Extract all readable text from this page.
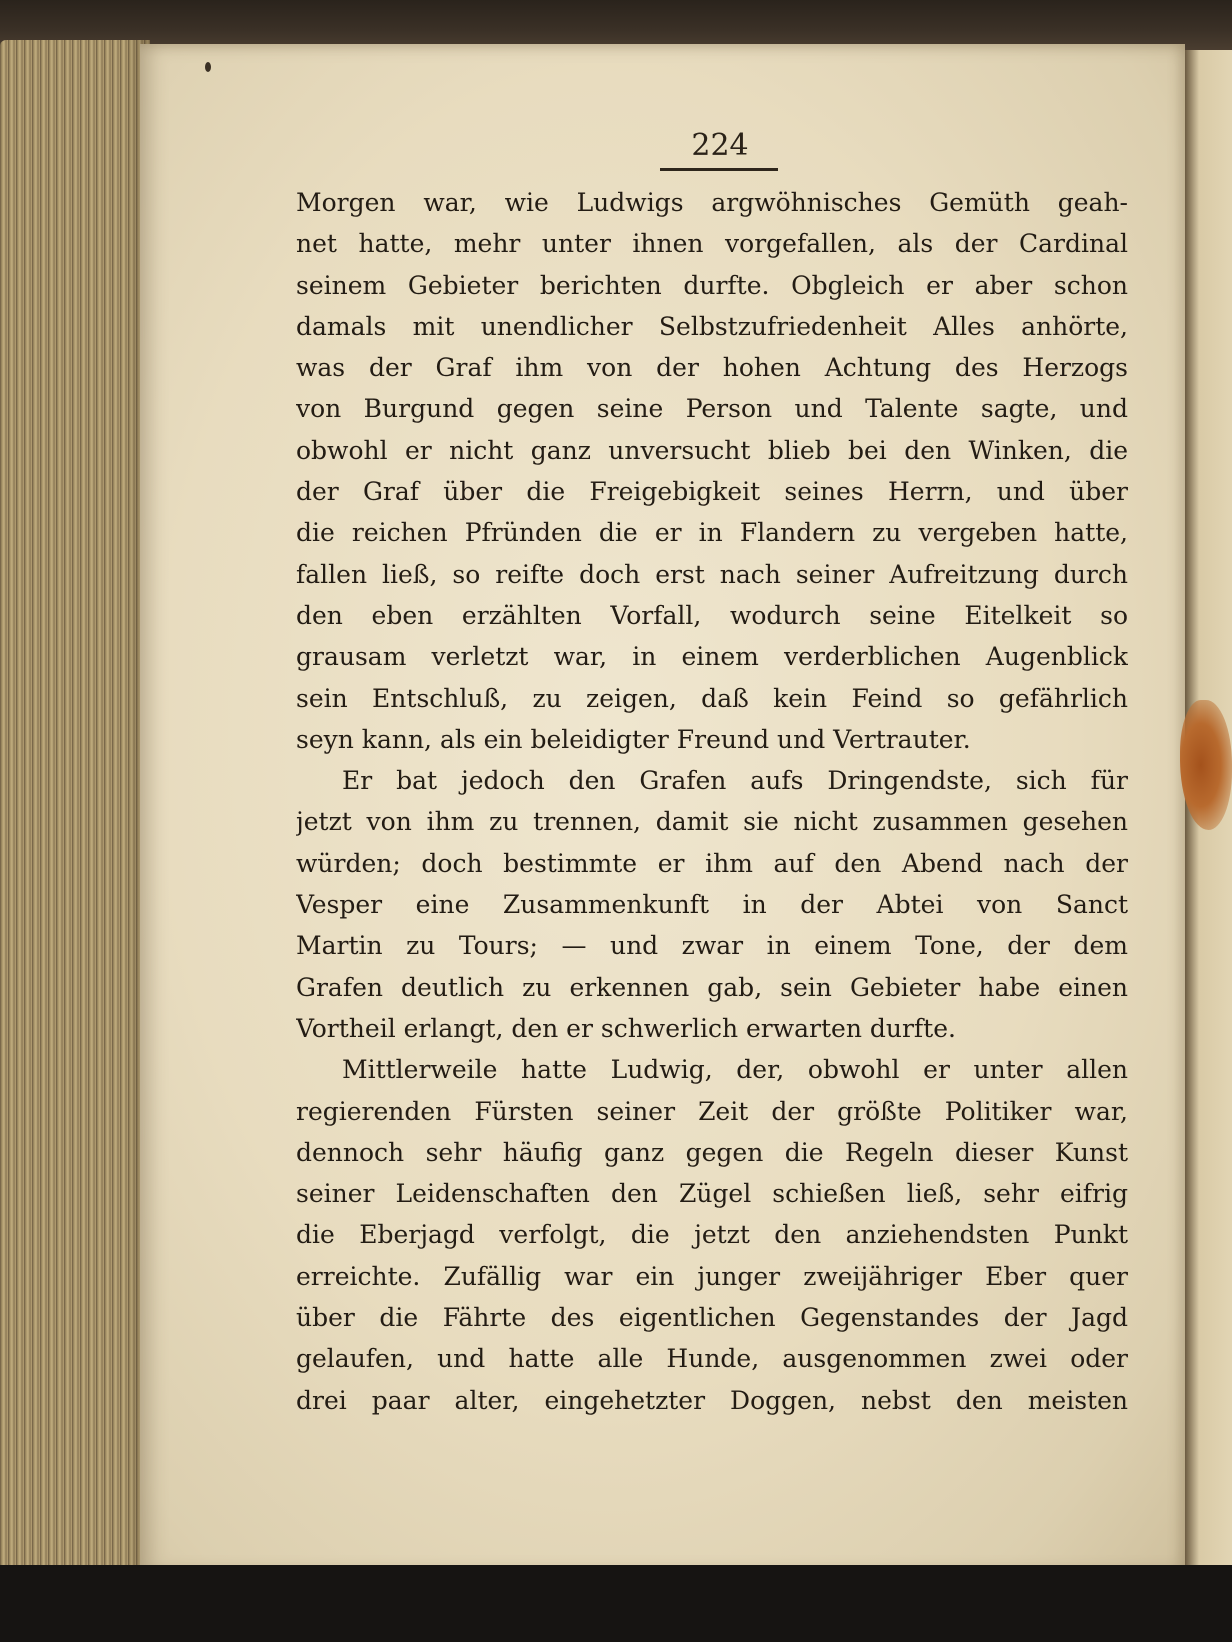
224
Morgen war, wie Ludwigs argwöhnisches Gemüth geah-
net hatte, mehr unter ihnen vorgefallen, als der Cardinal
seinem Gebieter berichten durfte. Obgleich er aber schon
damals mit unendlicher Selbstzufriedenheit Alles anhörte,
was der Graf ihm von der hohen Achtung des Herzogs
von Burgund gegen seine Person und Talente sagte, und
obwohl er nicht ganz unversucht blieb bei den Winken, die
der Graf über die Freigebigkeit seines Herrn, und über
die reichen Pfründen die er in Flandern zu vergeben hatte,
fallen ließ, so reifte doch erst nach seiner Aufreitzung durch
den eben erzählten Vorfall, wodurch seine Eitelkeit so
grausam verletzt war, in einem verderblichen Augenblick
sein Entschluß, zu zeigen, daß kein Feind so gefährlich
seyn kann, als ein beleidigter Freund und Vertrauter.
Er bat jedoch den Grafen aufs Dringendste, sich für
jetzt von ihm zu trennen, damit sie nicht zusammen gesehen
würden; doch bestimmte er ihm auf den Abend nach der
Vesper eine Zusammenkunft in der Abtei von Sanct
Martin zu Tours; — und zwar in einem Tone, der dem
Grafen deutlich zu erkennen gab, sein Gebieter habe einen
Vortheil erlangt, den er schwerlich erwarten durfte.
Mittlerweile hatte Ludwig, der, obwohl er unter allen
regierenden Fürsten seiner Zeit der größte Politiker war,
dennoch sehr häufig ganz gegen die Regeln dieser Kunst
seiner Leidenschaften den Zügel schießen ließ, sehr eifrig
die Eberjagd verfolgt, die jetzt den anziehendsten Punkt
erreichte. Zufällig war ein junger zweijähriger Eber quer
über die Fährte des eigentlichen Gegenstandes der Jagd
gelaufen, und hatte alle Hunde, ausgenommen zwei oder
drei paar alter, eingehetzter Doggen, nebst den meisten
